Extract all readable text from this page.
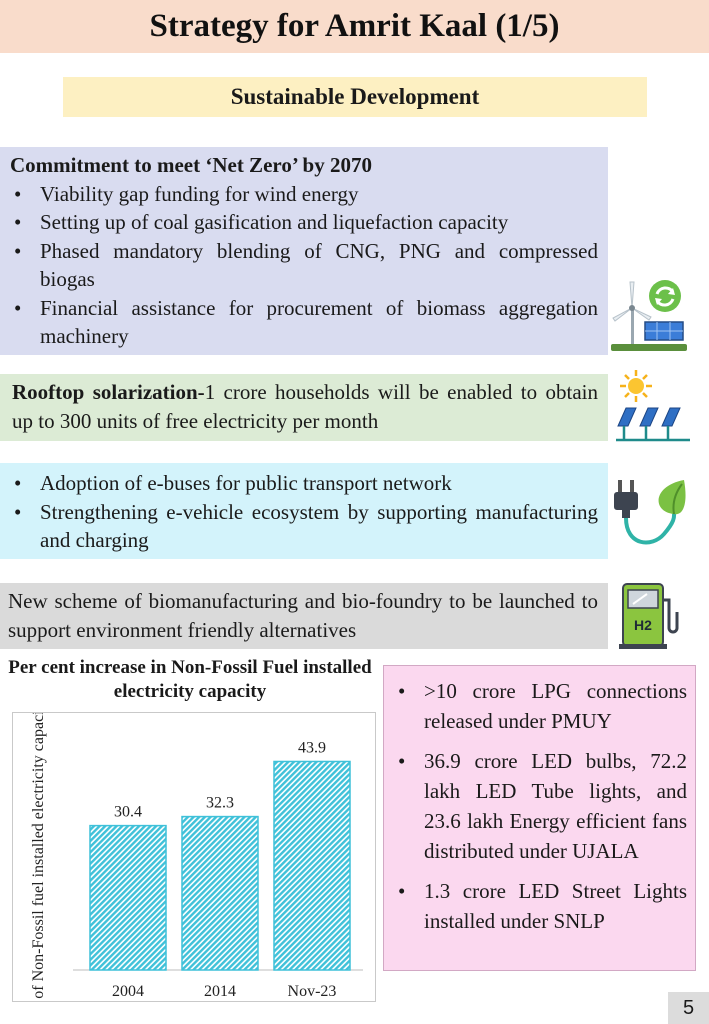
Strategy for Amrit Kaal (1/5)
Sustainable Development
Commitment to meet ‘Net Zero’ by 2070
• Viability gap funding for wind energy
• Setting up of coal gasification and liquefaction capacity
• Phased mandatory blending of CNG, PNG and compressed biogas
• Financial assistance for procurement of biomass aggregation machinery
Rooftop solarization-1 crore households will be enabled to obtain up to 300 units of free electricity per month
• Adoption of e-buses for public transport network
• Strengthening e-vehicle ecosystem by supporting manufacturing and charging
New scheme of biomanufacturing and bio-foundry to be launched to support environment friendly alternatives	H2
Per cent increase in Non-Fossil Fuel installed electricity capacity
% of Non-Fossil fuel installed electricity capacity	30.4
2004
32.3
2014
43.9
Nov-23
• >10 crore LPG connections released under PMUY
• 36.9 crore LED bulbs, 72.2 lakh LED Tube lights, and 23.6 lakh Energy efficient fans distributed under UJALA
• 1.3 crore LED Street Lights installed under SNLP
5
